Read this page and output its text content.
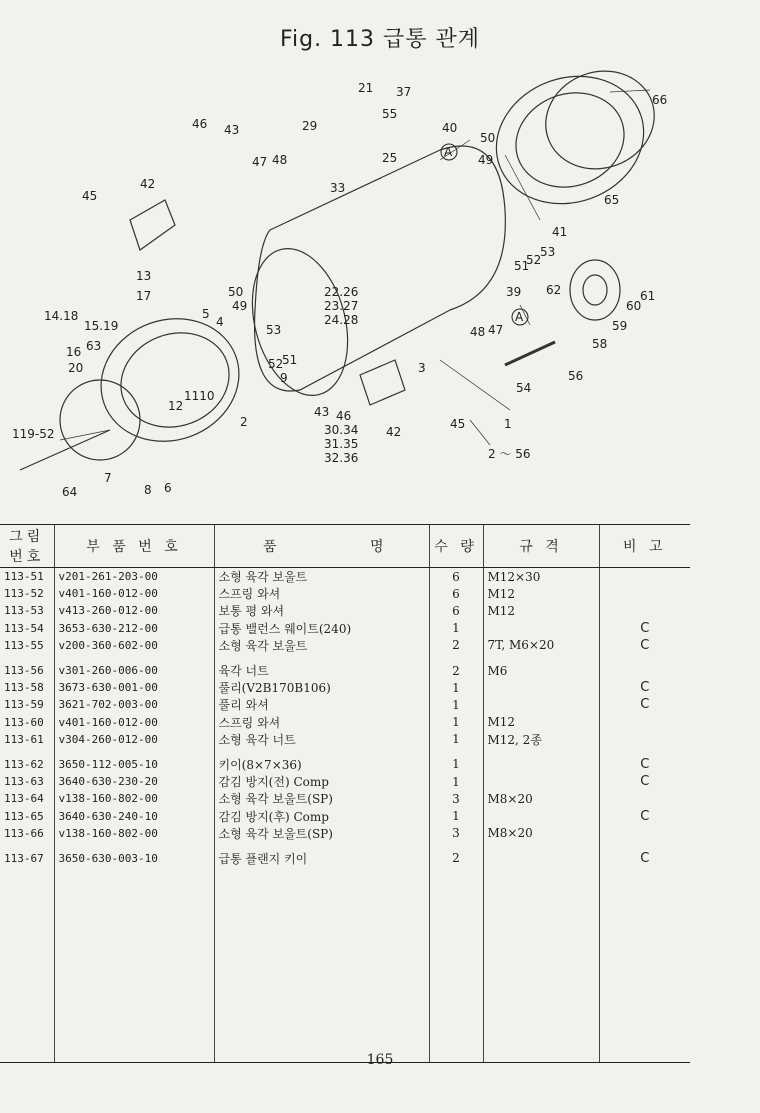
Fig. 113 급통 관계
21 37
55
40
50
49
66
46 43	29
47 48	25
33
42
45	65
13
17
41
51
52
53
39 62
14.18
15.19
5
4
22.26
23.27
24.28
50
49
53
16 63
20
51
52
9
61
60
59
58
48 47
54
56
3
12
1110
2
43 46
42
45
30.34
31.35
32.36
119-52
7
8 6
64
1
2 ～ 56
A
A
그림번호	부 품 번 호	품	명	수 량	규 격	비 고
113-51	v201-261-203-00	소형 육각 보울트		6	M12×30	
113-52	v401-160-012-00	스프링 와셔		6	M12	
113-53	v413-260-012-00	보통 평 와셔		6	M12	
113-54	3653-630-212-00	급통 밸런스 웨이트(240)		1		C
113-55	v200-360-602-00	소형 육각 보울트		2	7T, M6×20	C

113-56	v301-260-006-00	육각 너트		2	M6	
113-58	3673-630-001-00	풀리(V2B170B106)		1		C
113-59	3621-702-003-00	풀리 와셔		1		C
113-60	v401-160-012-00	스프링 와셔		1	M12	
113-61	v304-260-012-00	소형 육각 너트		1	M12, 2종	

113-62	3650-112-005-10	키이(8×7×36)		1		C
113-63	3640-630-230-20	감김 방지(전) Comp		1		C
113-64	v138-160-802-00	소형 육각 보울트(SP)		3	M8×20	
113-65	3640-630-240-10	감김 방지(후) Comp		1		C
113-66	v138-160-802-00	소형 육각 보울트(SP)		3	M8×20	

113-67	3650-630-003-10	급통 플랜지 키이		2		C

165
